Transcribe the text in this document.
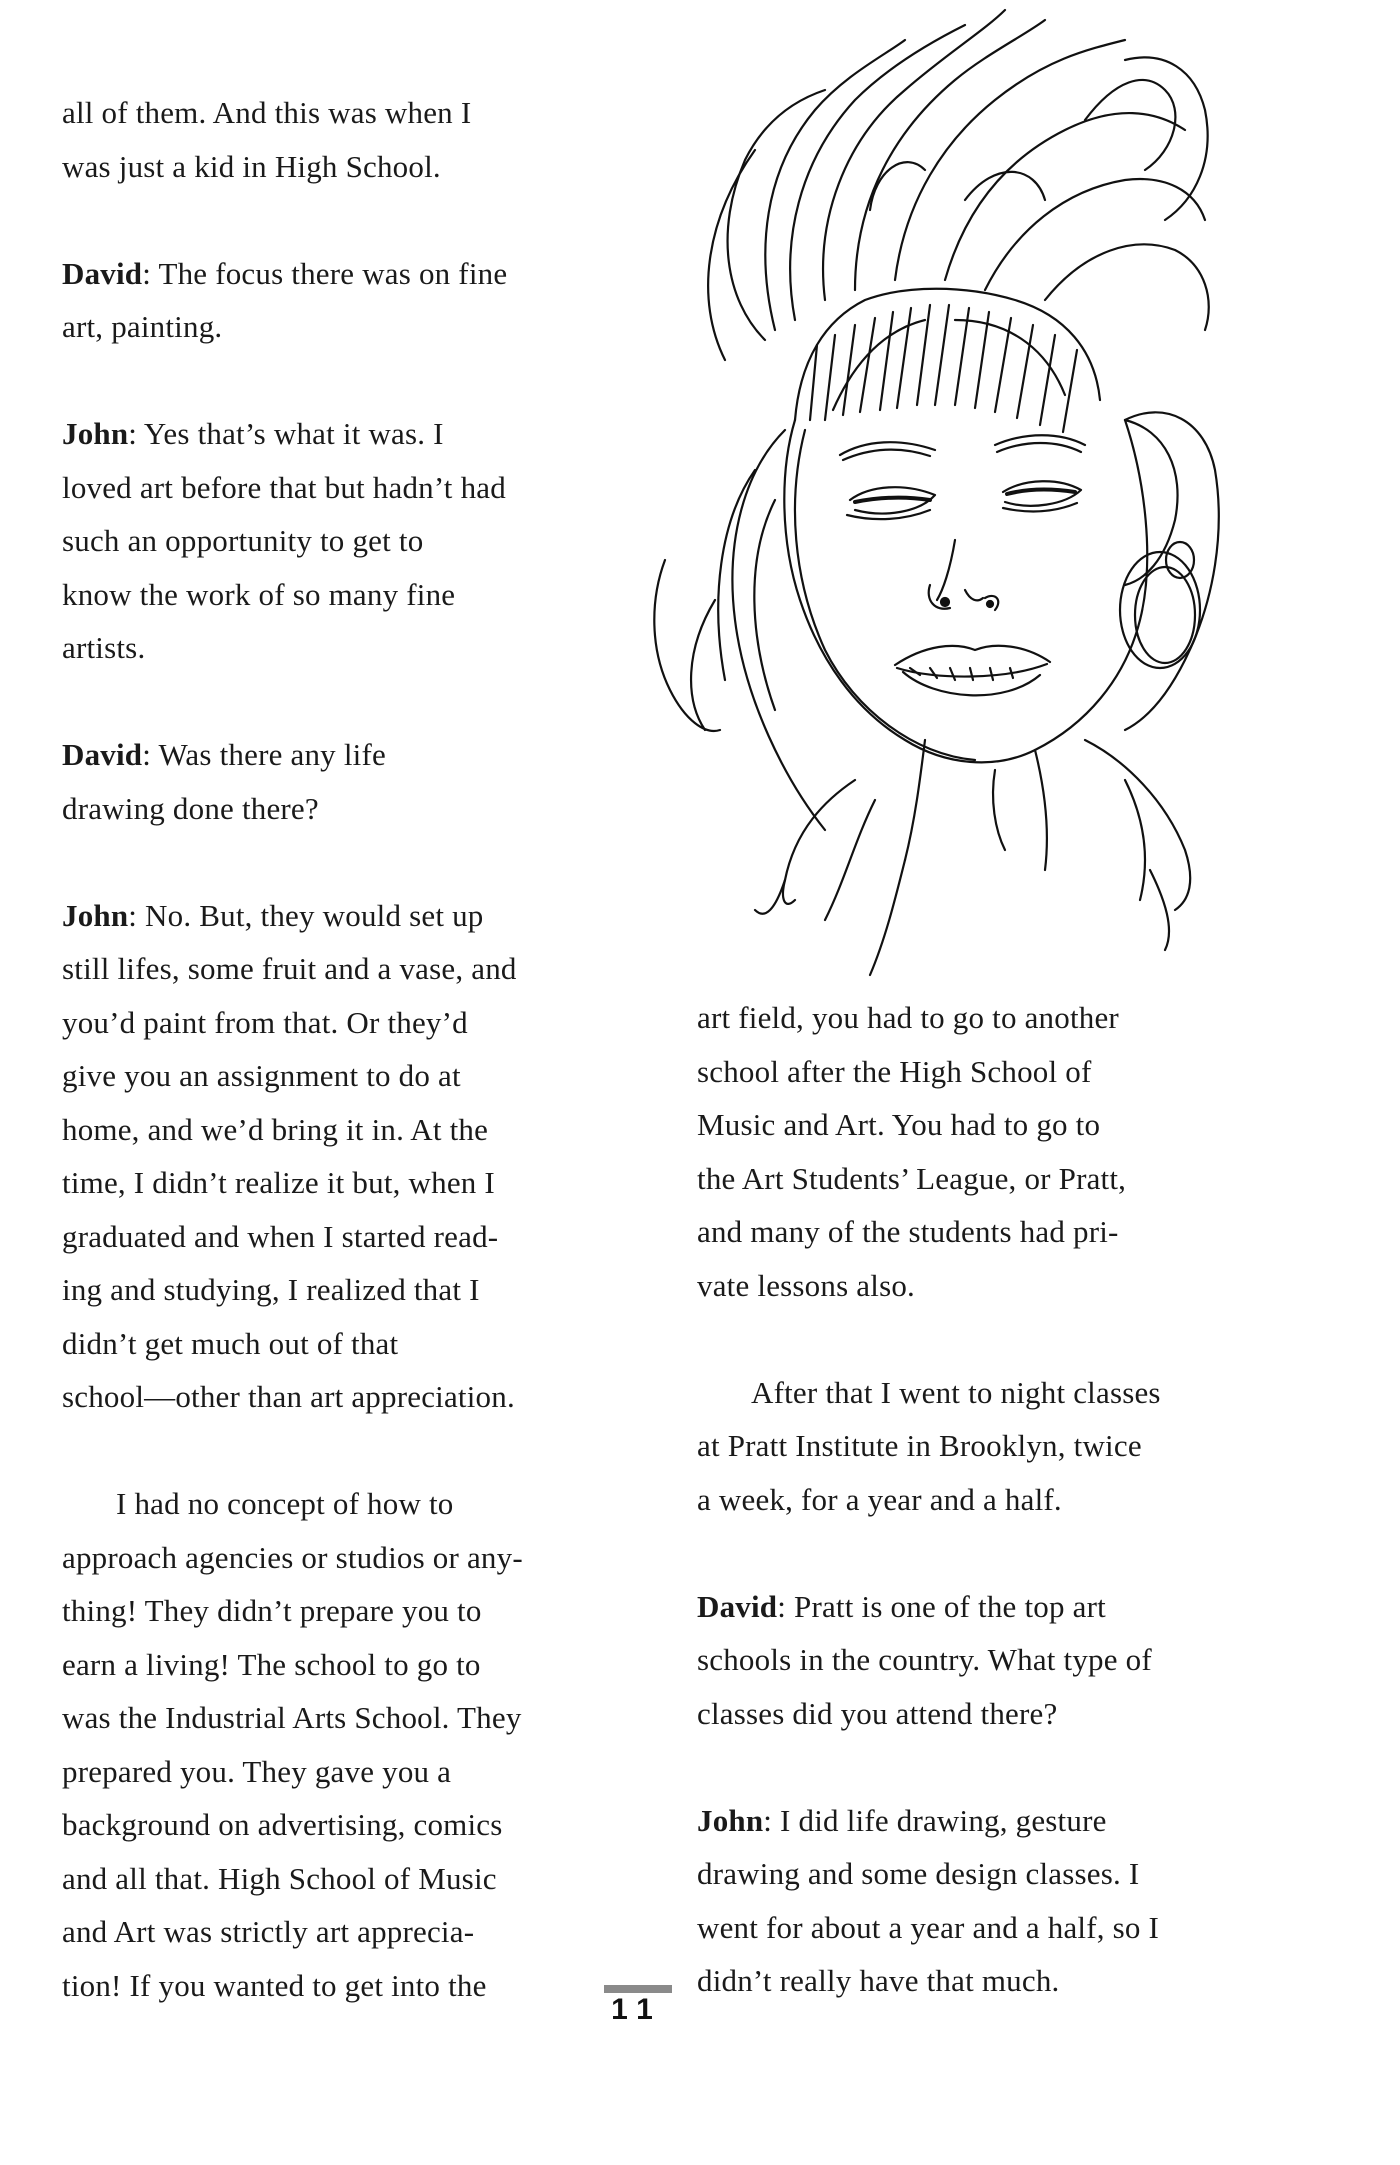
all of them. And this was when I
was just a kid in High School.

David: The focus there was on fine
art, painting.

John: Yes that’s what it was. I
loved art before that but hadn’t had
such an opportunity to get to
know the work of so many fine
artists.

David: Was there any life
drawing done there?

John: No. But, they would set up
still lifes, some fruit and a vase, and
you’d paint from that. Or they’d
give you an assignment to do at
home, and we’d bring it in. At the
time, I didn’t realize it but, when I
graduated and when I started read-
ing and studying, I realized that I
didn’t get much out of that
school—other than art appreciation.

I had no concept of how to
approach agencies or studios or any-
thing! They didn’t prepare you to
earn a living! The school to go to
was the Industrial Arts School. They
prepared you. They gave you a
background on advertising, comics
and all that. High School of Music
and Art was strictly art apprecia-
tion! If you wanted to get into the

art field, you had to go to another
school after the High School of
Music and Art. You had to go to
the Art Students’ League, or Pratt,
and many of the students had pri-
vate lessons also.

After that I went to night classes
at Pratt Institute in Brooklyn, twice
a week, for a year and a half.

David: Pratt is one of the top art
schools in the country. What type of
classes did you attend there?

John: I did life drawing, gesture
drawing and some design classes. I
went for about a year and a half, so I
didn’t really have that much.

11
